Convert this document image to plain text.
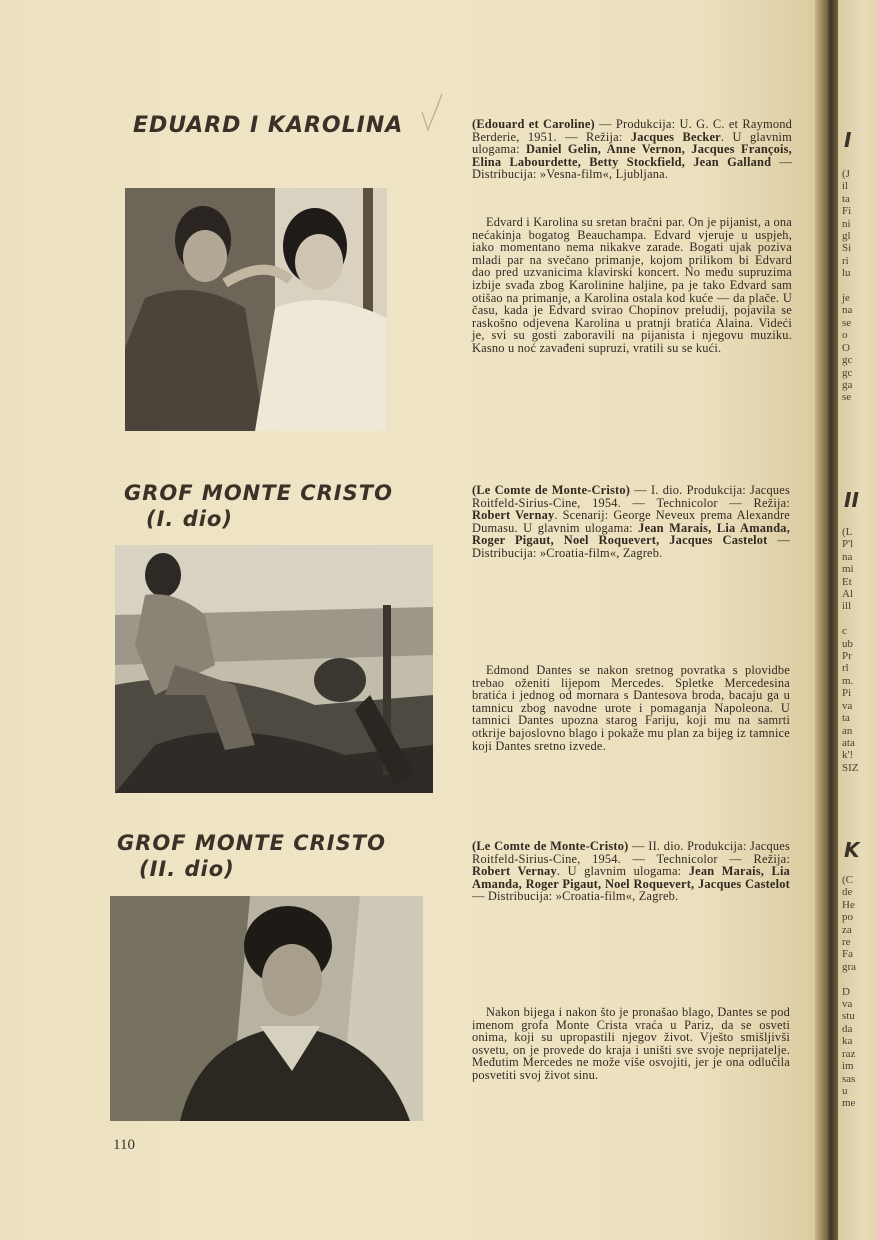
I
(J
il
ta
Fi
ni
gl
Si
ri
lu

je
na
se
o
O
gc
gc
ga
se
II
(L
P'l
na
mi
Et
Al
ill

c
ub
Pr
rl
m.
Pi
va
ta
an
ata
k'!
SIZ
K
(C
de
He
po
za
re
Fa
gra

D
va
stu
da
ka
raz
im
sas
u
me
EDUARD I KAROLINA	(Edouard et Caroline) — Produkcija: U. G. C. et Raymond Berderie, 1951. — Režija: Jacques Becker. U glavnim ulogama: Daniel Gelin, Anne Vernon, Jacques François, Elina Labourdette, Betty Stockfield, Jean Galland — Distribucija: »Vesna-film«, Ljubljana.

Edvard i Karolina su sretan bračni par. On je pijanist, a ona nećakinja bogatog Beauchampa. Edvard vjeruje u uspjeh, iako momentano nema nikakve zarade. Bogati ujak poziva mladi par na svečano primanje, kojom prilikom bi Edvard dao pred uzvanicima klavirski koncert. No među supruzima izbije svađa zbog Karolinine haljine, pa je tako Edvard sam otišao na primanje, a Karolina ostala kod kuće — da plače. U času, kada je Edvard svirao Chopinov preludij, pojavila se raskošno odjevena Karolina u pratnji bratića Alaina. Videći je, svi su gosti zaboravili na pijanista i njegovu muziku. Kasno u noć zavađeni supruzi, vratili su se kući.

GROF MONTE CRISTO
(I. dio)

(Le Comte de Monte-Cristo) — I. dio. Produkcija: Jacques Roitfeld-Sirius-Cine, 1954. — Technicolor — Režija: Robert Vernay. Scenarij: George Neveux prema Alexandre Dumasu. U glavnim ulogama: Jean Marais, Lia Amanda, Roger Pigaut, Noel Roquevert, Jacques Castelot — Distribucija: »Croatia-film«, Zagreb.

Edmond Dantes se nakon sretnog povratka s plovidbe trebao oženiti lijepom Mercedes. Spletke Mercedesina bratića i jednog od mornara s Dantesova broda, bacaju ga u tamnicu zbog navodne urote i pomaganja Napoleona. U tamnici Dantes upozna starog Fariju, koji mu na samrti otkrije bajoslovno blago i pokaže mu plan za bijeg iz tamnice koji Dantes sretno izvede.

GROF MONTE CRISTO
(II. dio)

(Le Comte de Monte-Cristo) — II. dio. Produkcija: Jacques Roitfeld-Sirius-Cine, 1954. — Technicolor — Režija: Robert Vernay. U glavnim ulogama: Jean Marais, Lia Amanda, Roger Pigaut, Noel Roquevert, Jacques Castelot — Distribucija: »Croatia-film«, Zagreb.

Nakon bijega i nakon što je pronašao blago, Dantes se pod imenom grofa Monte Crista vraća u Pariz, da se osveti onima, koji su upropastili njegov život. Vješto smišljivši osvetu, on je provede do kraja i uništi sve svoje neprijatelje. Međutim Mercedes ne može više osvojiti, jer je ona odlučila posvetiti svoj život sinu.

110
